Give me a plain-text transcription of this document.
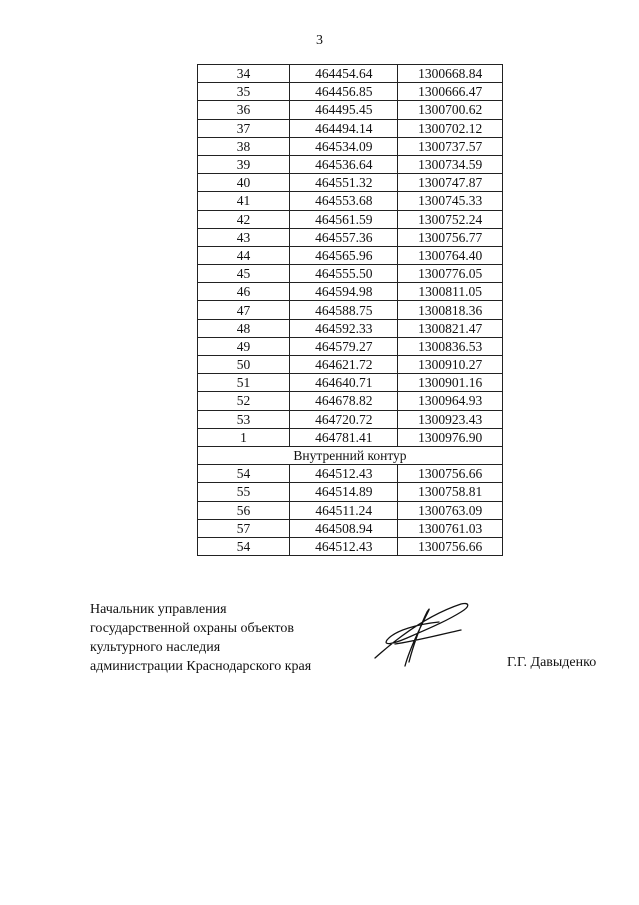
3
34	464454.64	1300668.84
35	464456.85	1300666.47
36	464495.45	1300700.62
37	464494.14	1300702.12
38	464534.09	1300737.57
39	464536.64	1300734.59
40	464551.32	1300747.87
41	464553.68	1300745.33
42	464561.59	1300752.24
43	464557.36	1300756.77
44	464565.96	1300764.40
45	464555.50	1300776.05
46	464594.98	1300811.05
47	464588.75	1300818.36
48	464592.33	1300821.47
49	464579.27	1300836.53
50	464621.72	1300910.27
51	464640.71	1300901.16
52	464678.82	1300964.93
53	464720.72	1300923.43
1	464781.41	1300976.90
Внутренний контур		
54	464512.43	1300756.66
55	464514.89	1300758.81
56	464511.24	1300763.09
57	464508.94	1300761.03
54	464512.43	1300756.66
Начальник управления
государственной охраны объектов
культурного наследия
администрации Краснодарского края	Г.Г. Давыденко
